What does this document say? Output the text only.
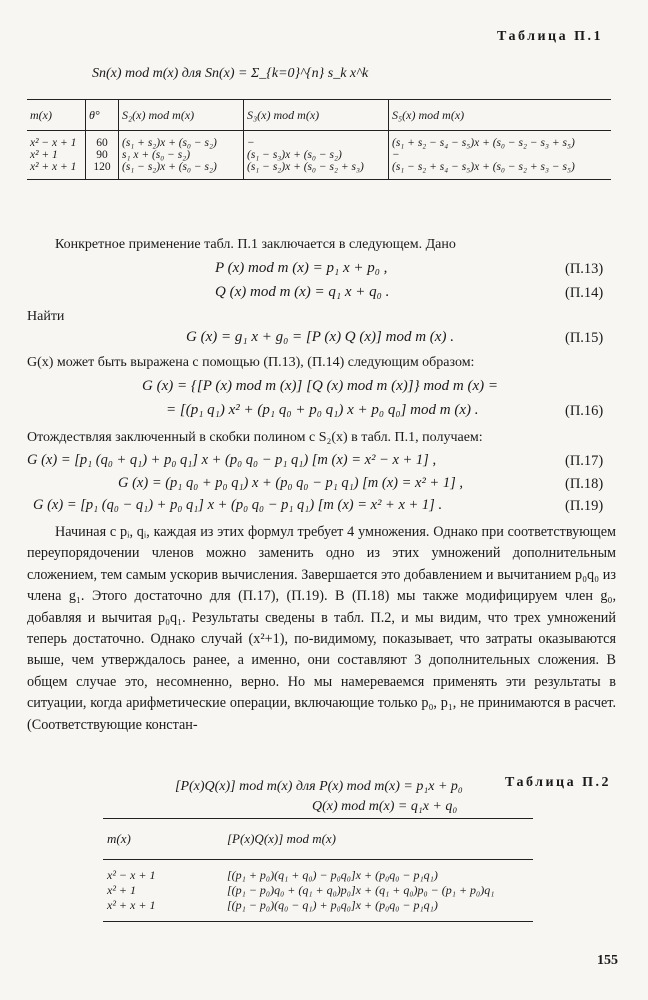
Таблица П.1
Sn(x) mod m(x) для Sn(x) = Σ_{k=0}^{n} s_k x^k
m(x)	θ°	S₂(x) mod m(x)	S₃(x) mod m(x)	S₅(x) mod m(x)
x² − x + 1	60	(s₁ + s₂)x + (s₀ − s₂)	−	(s₁ + s₂ − s₄ − s₅)x + (s₀ − s₂ − s₃ + s₅)
x² + 1	90	s₁ x + (s₀ − s₂)	(s₁ − s₃)x + (s₀ − s₂)	−
x² + x + 1	120	(s₁ − s₂)x + (s₀ − s₂)	(s₁ − s₂)x + (s₀ − s₂ + s₃)	(s₁ − s₂ + s₄ − s₅)x + (s₀ − s₂ + s₃ − s₅)
Конкретное применение табл. П.1 заключается в следующем. Дано
P (x) mod m (x) = p₁ x + p₀ ,	(П.13)
Q (x) mod m (x) = q₁ x + q₀ .	(П.14)
Найти
G (x) = g₁ x + g₀ = [P (x) Q (x)] mod m (x) .	(П.15)
G(x) может быть выражена с помощью (П.13), (П.14) следующим образом:
G (x) = {[P (x) mod m (x)] [Q (x) mod m (x)]} mod m (x) =
= [(p₁ q₁) x² + (p₁ q₀ + p₀ q₁) x + p₀ q₀] mod m (x) .	(П.16)
Отождествляя заключенный в скобки полином с S₂(x) в табл. П.1, получаем:
G (x) = [p₁ (q₀ + q₁) + p₀ q₁] x + (p₀ q₀ − p₁ q₁) [m (x) = x² − x + 1] ,	(П.17)
G (x) = (p₁ q₀ + p₀ q₁) x + (p₀ q₀ − p₁ q₁) [m (x) = x² + 1] ,	(П.18)
G (x) = [p₁ (q₀ − q₁) + p₀ q₁] x + (p₀ q₀ − p₁ q₁) [m (x) = x² + x + 1] .	(П.19)
Начиная с pᵢ, qᵢ, каждая из этих формул требует 4 умножения. Однако при соответствующем переупорядочении членов можно заменить одно из этих умножений дополнительным сложением, тем самым ускорив вычисления. Завершается это добавлением и вычитанием p₀q₀ из члена g₁. Этого достаточно для (П.17), (П.19). В (П.18) мы также модифицируем член g₀, добавляя и вычитая p₀q₁. Результаты сведены в табл. П.2, и мы видим, что трех умножений теперь достаточно. Однако случай (x²+1), по-видимому, показывает, что затраты оказываются выше, чем утверждалось ранее, а именно, они составляют 3 дополнительных сложения. В общем случае это, несомненно, верно. Но мы намереваемся применять эти результаты в ситуации, когда арифметические операции, включающие только p₀, p₁, не принимаются в расчет. (Соответствующие констан-
Таблица П.2
[P(x)Q(x)] mod m(x) для P(x) mod m(x) = p₁x + p₀
Q(x) mod m(x) = q₁x + q₀
m(x)	[P(x)Q(x)] mod m(x)
x² − x + 1	[(p₁ + p₀)(q₁ + q₀) − p₀q₀]x + (p₀q₀ − p₁q₁)
x² + 1	[(p₁ − p₀)q₀ + (q₁ + q₀)p₀]x + (q₁ + q₀)p₀ − (p₁ + p₀)q₁
x² + x + 1	[(p₁ − p₀)(q₀ − q₁) + p₀q₀]x + (p₀q₀ − p₁q₁)
155
